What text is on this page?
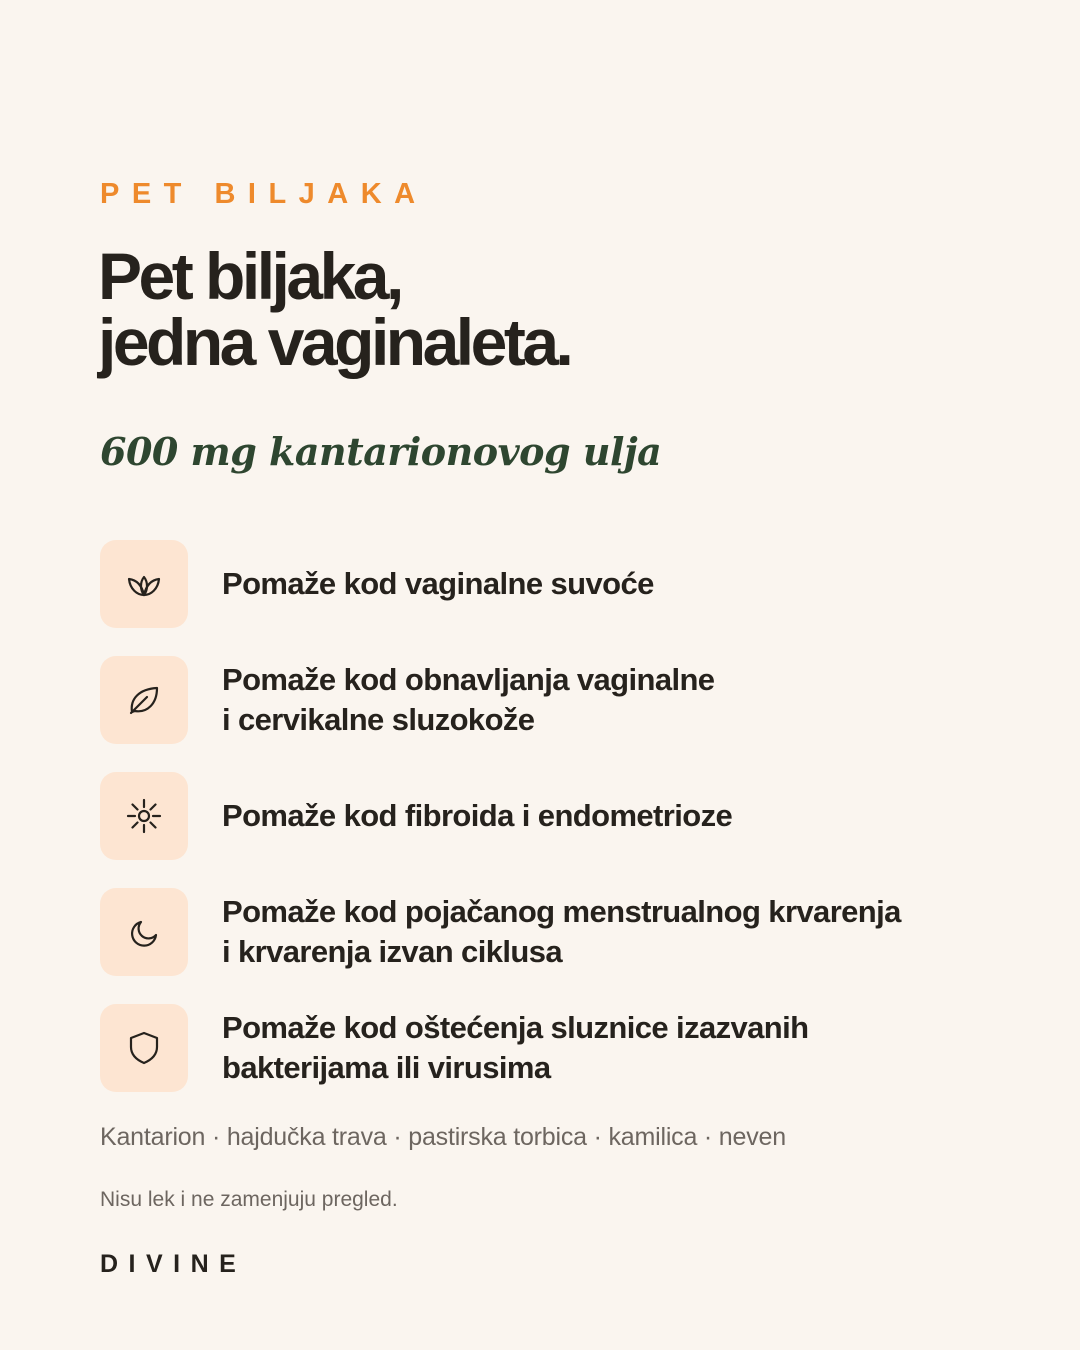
PET BILJAKA
Pet biljaka,
jedna vaginaleta.
600 mg kantarionovog ulja
Pomaže kod vaginalne suvoće
Pomaže kod obnavljanja vaginalne
i cervikalne sluzokože
Pomaže kod fibroida i endometrioze
Pomaže kod pojačanog menstrualnog krvarenja
i krvarenja izvan ciklusa
Pomaže kod oštećenja sluznice izazvanih
bakterijama ili virusima
Kantarion · hajdučka trava · pastirska torbica · kamilica · neven
Nisu lek i ne zamenjuju pregled.
DIVINE
